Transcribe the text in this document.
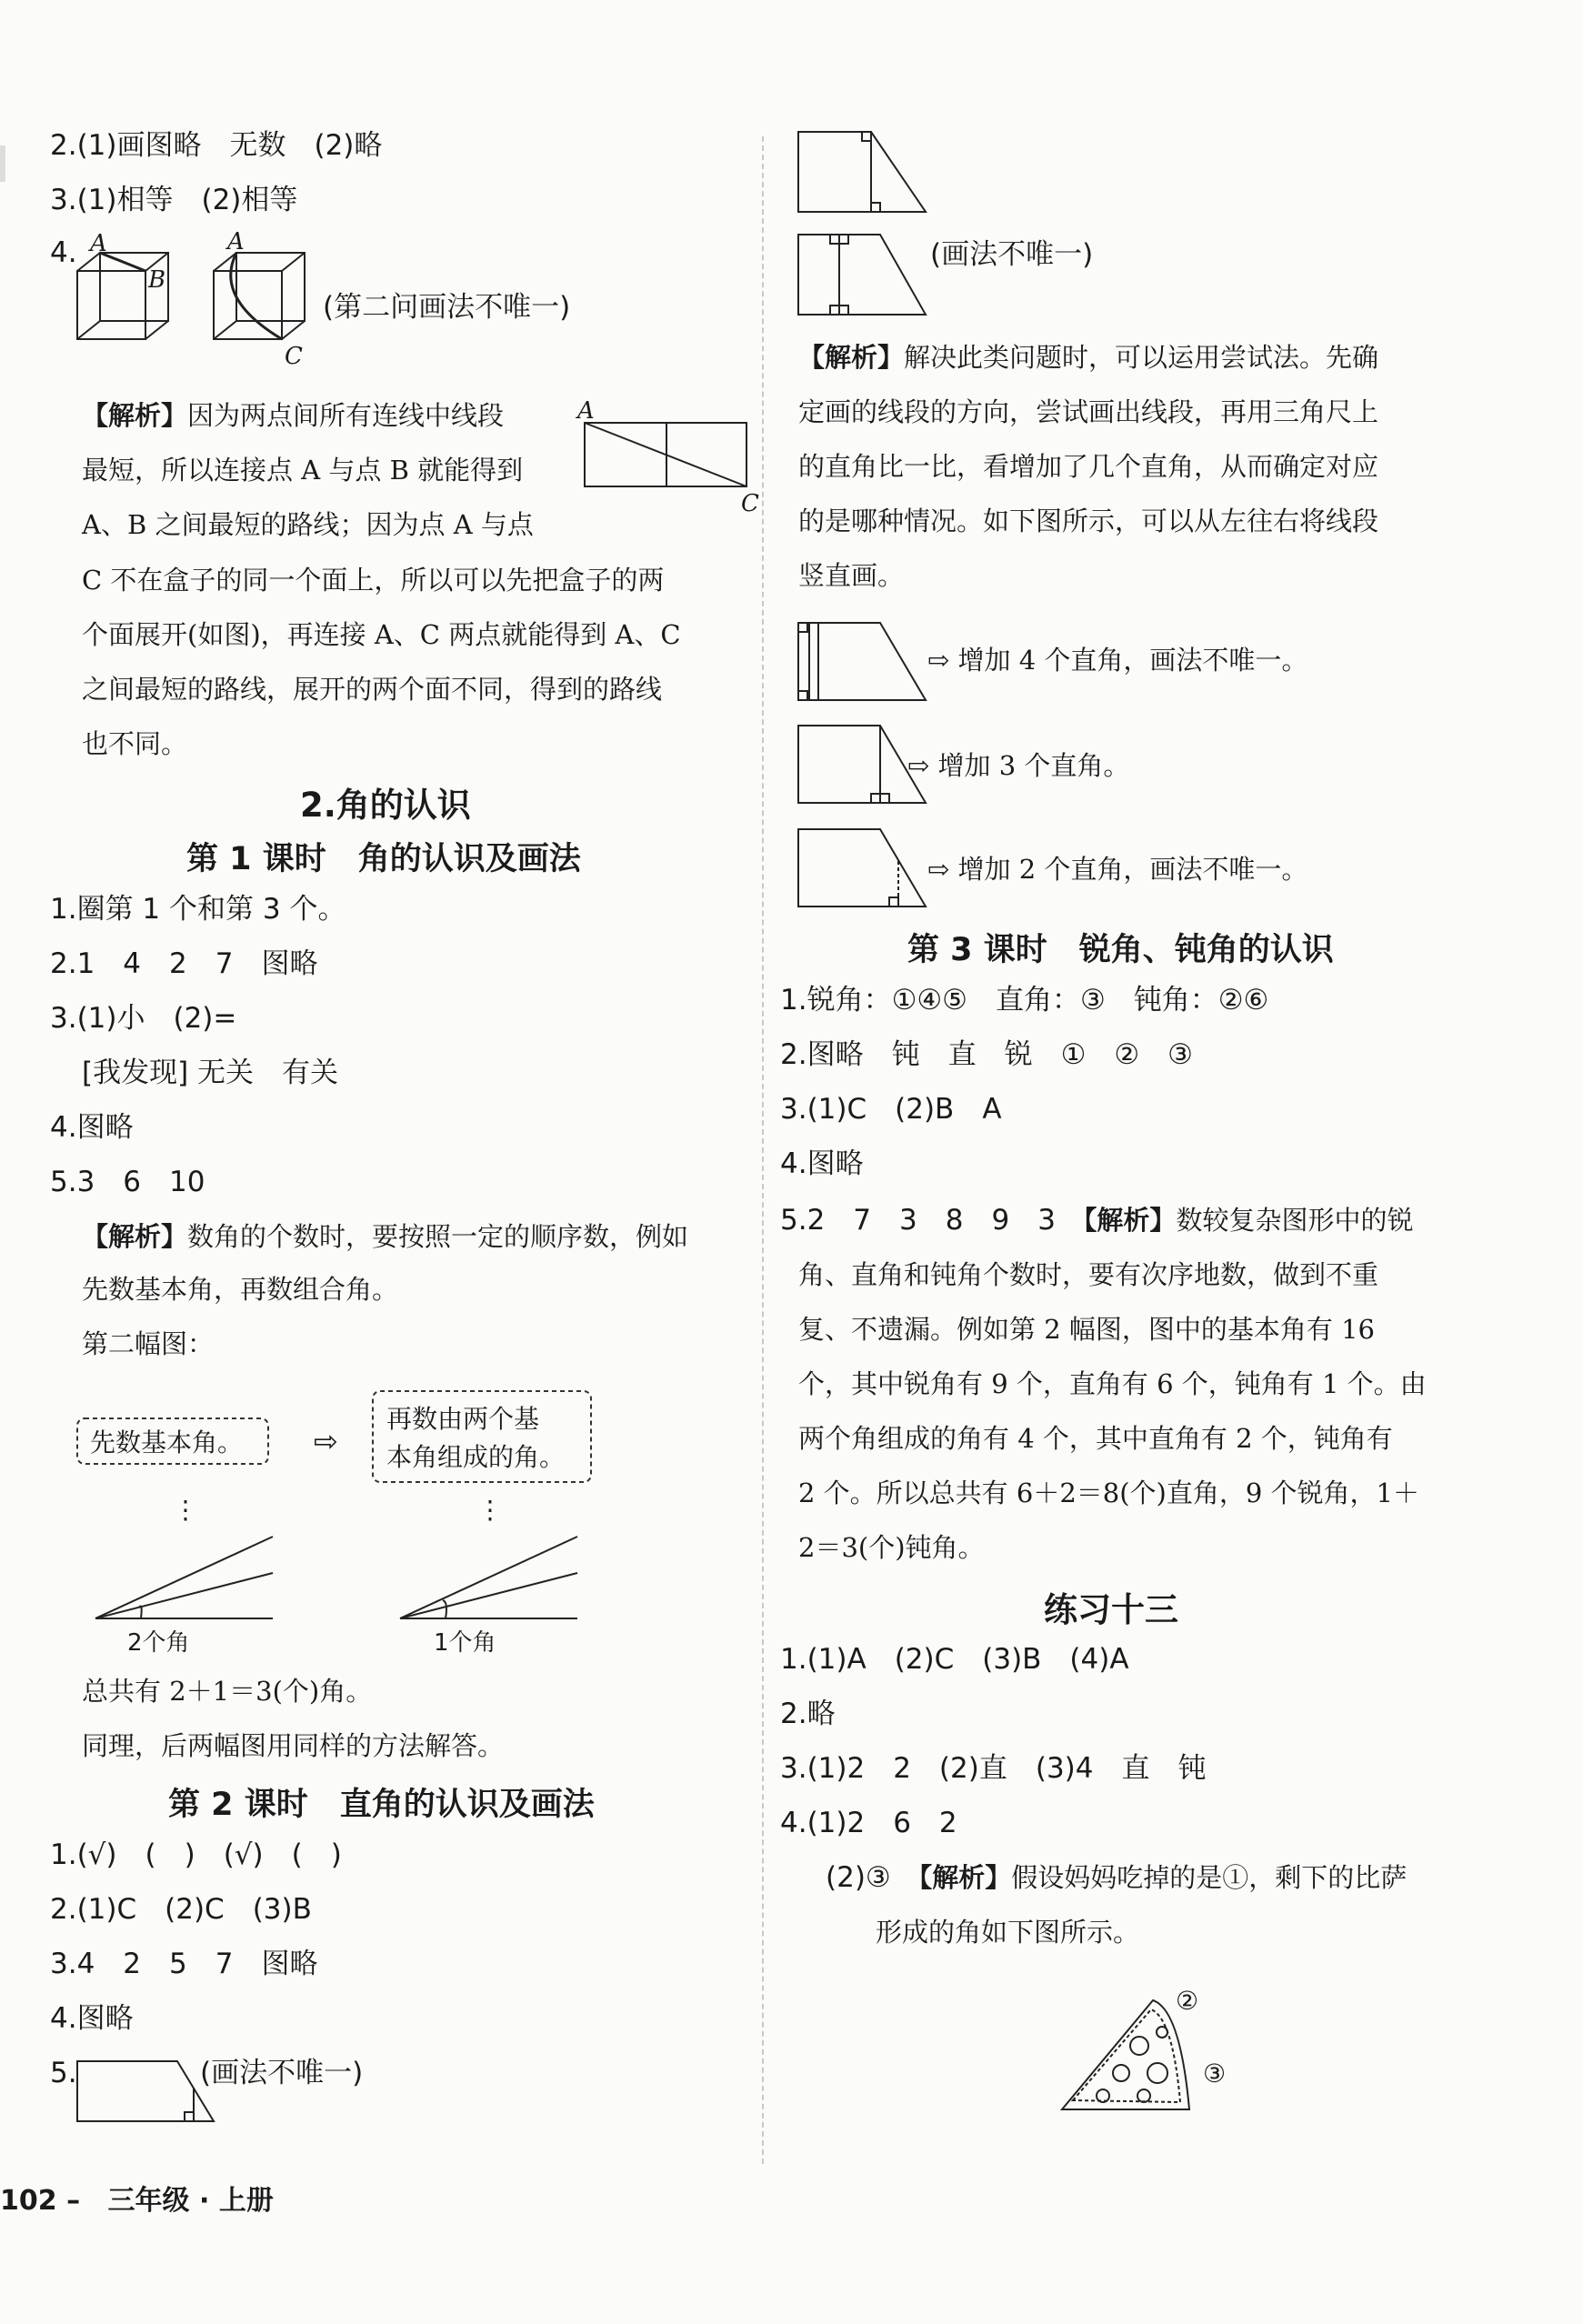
2.(1)画图略　无数　(2)略
3.(1)相等　(2)相等
4. A
B
A
C
(第二问画法不唯一)
【解析】因为两点间所有连线中线段
最短，所以连接点 A 与点 B 就能得到
A、B 之间最短的路线；因为点 A 与点
A
C
C 不在盒子的同一个面上，所以可以先把盒子的两
个面展开(如图)，再连接 A、C 两点就能得到 A、C
之间最短的路线，展开的两个面不同，得到的路线
也不同。
2.角的认识
第 1 课时　角的认识及画法
1.圈第 1 个和第 3 个。
2.1　4　2　7　图略
3.(1)小　(2)=
[我发现] 无关　有关
4.图略
5.3　6　10
【解析】数角的个数时，要按照一定的顺序数，例如
先数基本角，再数组合角。
第二幅图：
先数基本角。 ⇨
再数由两个基
本角组成的角。
⋮	⋮
2个角	1个角
总共有 2＋1＝3(个)角。
同理，后两幅图用同样的方法解答。
第 2 课时　直角的认识及画法
1.(√)　(　)　(√)　(　)
2.(1)C　(2)C　(3)B
3.4　2　5　7　图略
4.图略
5.	(画法不唯一)
(画法不唯一)
【解析】解决此类问题时，可以运用尝试法。先确
定画的线段的方向，尝试画出线段，再用三角尺上
的直角比一比，看增加了几个直角，从而确定对应
的是哪种情况。如下图所示，可以从左往右将线段
竖直画。
⇨ 增加 4 个直角，画法不唯一。
⇨ 增加 3 个直角。
⇨ 增加 2 个直角，画法不唯一。
第 3 课时　锐角、钝角的认识
1.锐角：①④⑤　直角：③　钝角：②⑥
2.图略　钝　直　锐　①　②　③
3.(1)C　(2)B　A
4.图略
5.2　7　3　8　9　3　 【解析】数较复杂图形中的锐
角、直角和钝角个数时，要有次序地数，做到不重
复、不遗漏。例如第 2 幅图，图中的基本角有 16
个，其中锐角有 9 个，直角有 6 个，钝角有 1 个。由
两个角组成的角有 4 个，其中直角有 2 个，钝角有
2 个。所以总共有 6＋2＝8(个)直角，9 个锐角，1＋
2＝3(个)钝角。
练习十三
1.(1)A　(2)C　(3)B　(4)A
2.略
3.(1)2　2　(2)直　(3)4　直　钝
4.(1)2　6　2
(2)③　 【解析】假设妈妈吃掉的是①，剩下的比萨
形成的角如下图所示。
②
③
102 – 三年级 · 上册
